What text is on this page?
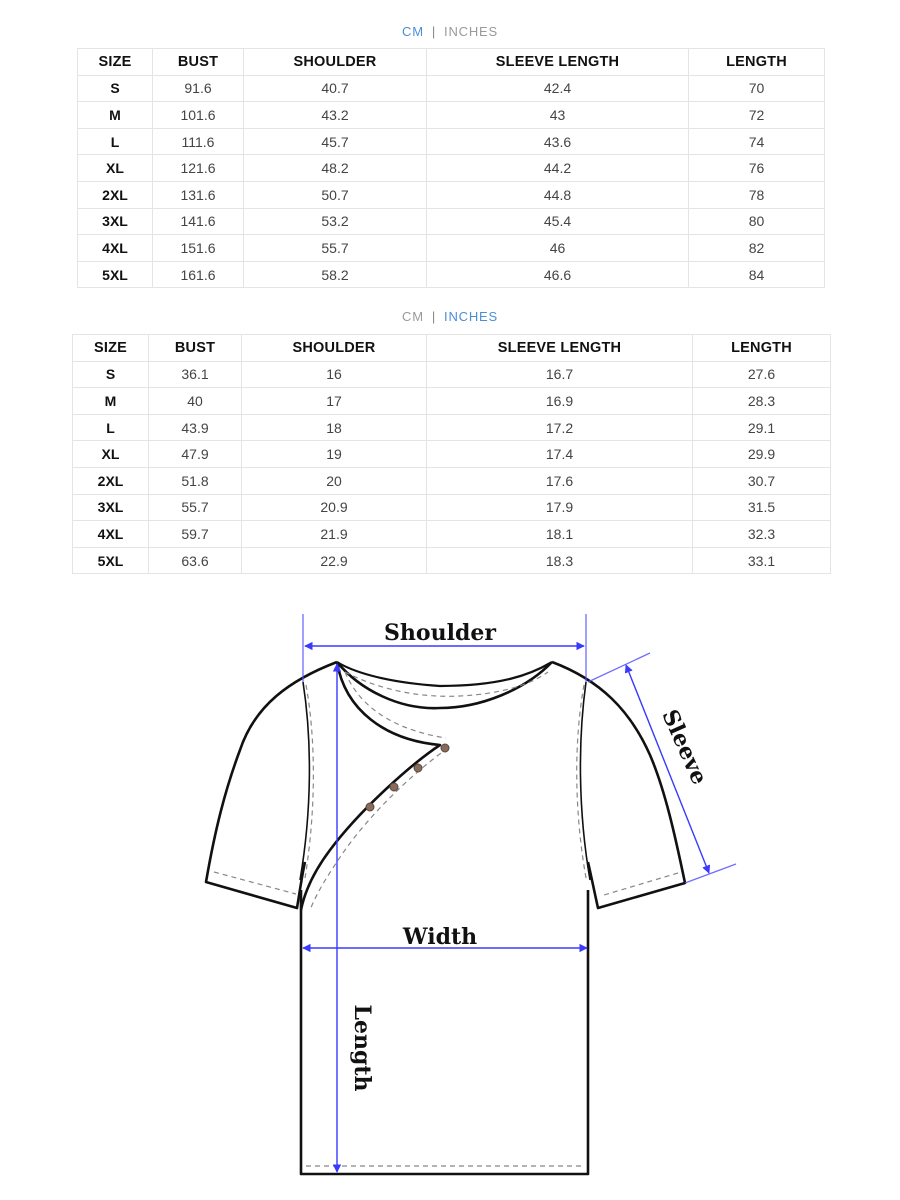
CM | INCHES
SIZE	BUST	SHOULDER	SLEEVE LENGTH	LENGTH
S	91.6	40.7	42.4	70
M	101.6	43.2	43	72
L	111.6	45.7	43.6	74
XL	121.6	48.2	44.2	76
2XL	131.6	50.7	44.8	78
3XL	141.6	53.2	45.4	80
4XL	151.6	55.7	46	82
5XL	161.6	58.2	46.6	84
CM | INCHES
SIZE	BUST	SHOULDER	SLEEVE LENGTH	LENGTH
S	36.1	16	16.7	27.6
M	40	17	16.9	28.3
L	43.9	18	17.2	29.1
XL	47.9	19	17.4	29.9
2XL	51.8	20	17.6	30.7
3XL	55.7	20.9	17.9	31.5
4XL	59.7	21.9	18.1	32.3
5XL	63.6	22.9	18.3	33.1
Shoulder
Sleeve
Width
Length
